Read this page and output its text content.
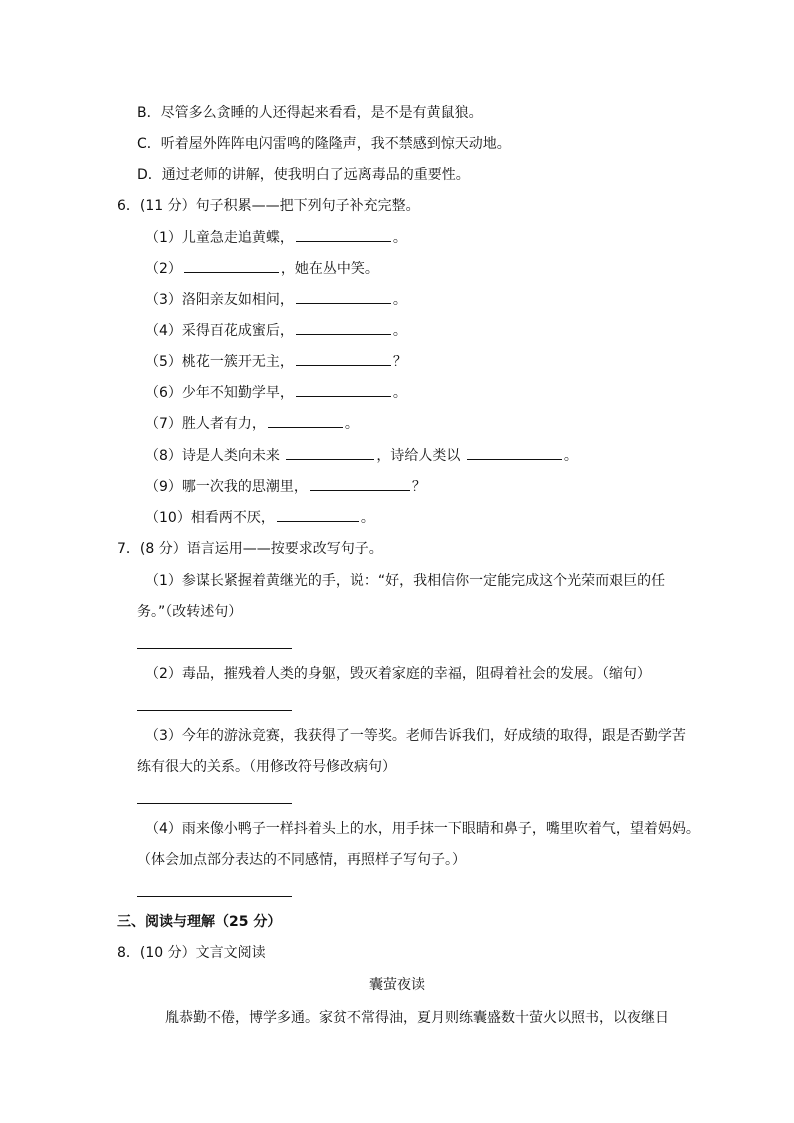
B．尽管多么贪睡的人还得起来看看，是不是有黄鼠狼。
C．听着屋外阵阵电闪雷鸣的隆隆声，我不禁感到惊天动地。
D．通过老师的讲解，使我明白了远离毒品的重要性。
6．(11 分）句子积累——把下列句子补充完整。
（1）儿童急走追黄蝶，	。
（2）	，她在丛中笑。
（3）洛阳亲友如相问，	。
（4）采得百花成蜜后，	。
（5）桃花一簇开无主，	？
（6）少年不知勤学早，	。
（7）胜人者有力，	。
（8）诗是人类向未来	，诗给人类以	。
（9）哪一次我的思潮里，	？
（10）相看两不厌，	。
7．(8 分）语言运用——按要求改写句子。
（1）参谋长紧握着黄继光的手，说：“好，我相信你一定能完成这个光荣而艰巨的任
务。”（改转述句）
（2）毒品，摧残着人类的身躯，毁灭着家庭的幸福，阻碍着社会的发展。（缩句）
（3）今年的游泳竞赛，我获得了一等奖。老师告诉我们，好成绩的取得，跟是否勤学苦
练有很大的关系。（用修改符号修改病句）
（4）雨来像小鸭子一样抖着头上的水，用手抹一下眼睛和鼻子，嘴里吹着气，望着妈妈。
（体会加点部分表达的不同感情，再照样子写句子。）
三、阅读与理解（25 分）
8．(10 分）文言文阅读
囊萤夜读
胤恭勤不倦，博学多通。家贫不常得油，夏月则练囊盛数十萤火以照书，以夜继日
